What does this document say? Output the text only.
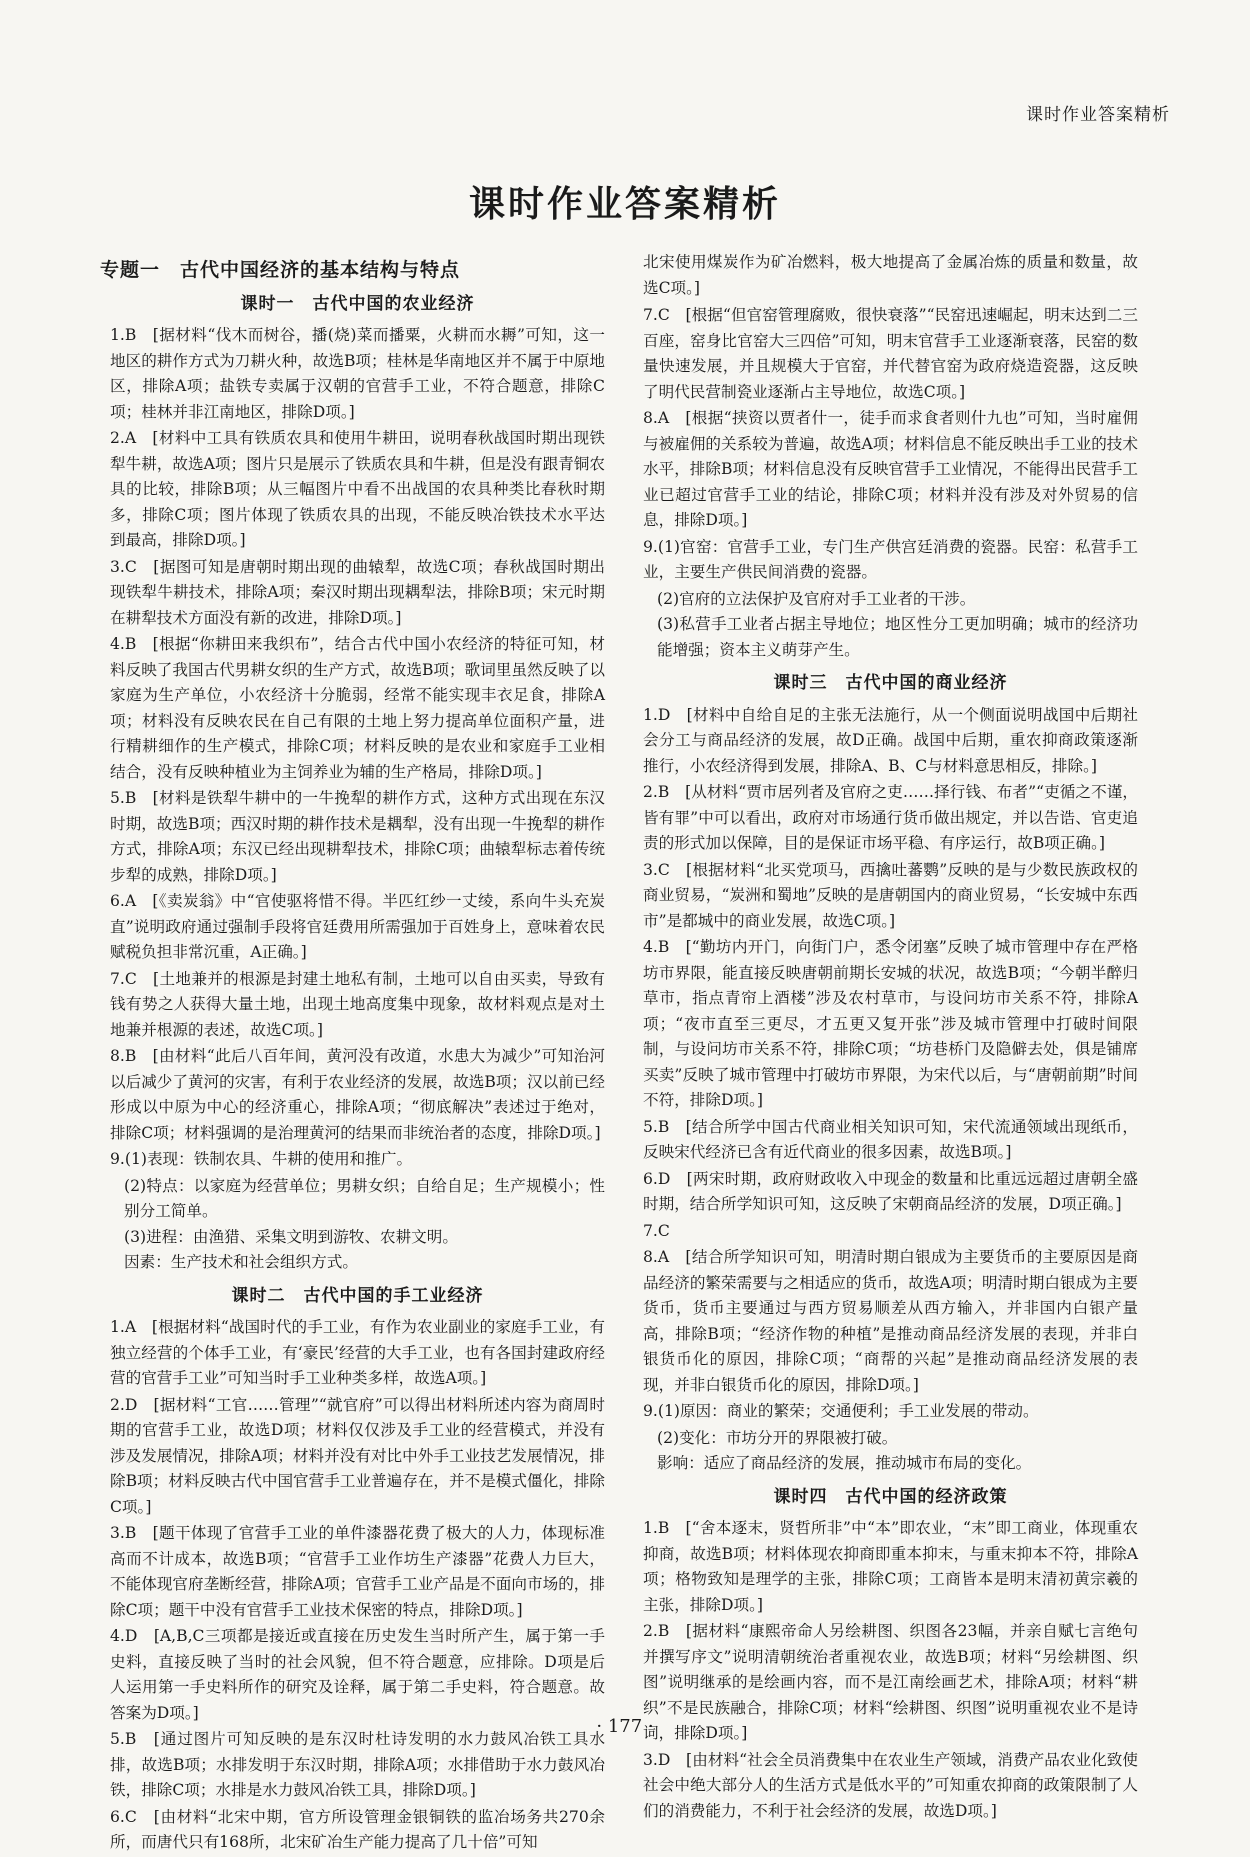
课时作业答案精析
课时作业答案精析
专题一　古代中国经济的基本结构与特点
课时一　古代中国的农业经济

1.B　[据材料“伐木而树谷，播(烧)菜而播粟，火耕而水耨”可知，这一地区的耕作方式为刀耕火种，故选B项；桂林是华南地区并不属于中原地区，排除A项；盐铁专卖属于汉朝的官营手工业，不符合题意，排除C项；桂林并非江南地区，排除D项。]

2.A　[材料中工具有铁质农具和使用牛耕田，说明春秋战国时期出现铁犁牛耕，故选A项；图片只是展示了铁质农具和牛耕，但是没有跟青铜农具的比较，排除B项；从三幅图片中看不出战国的农具种类比春秋时期多，排除C项；图片体现了铁质农具的出现，不能反映冶铁技术水平达到最高，排除D项。]

3.C　[据图可知是唐朝时期出现的曲辕犁，故选C项；春秋战国时期出现铁犁牛耕技术，排除A项；秦汉时期出现耦犁法，排除B项；宋元时期在耕犁技术方面没有新的改进，排除D项。]

4.B　[根据“你耕田来我织布”，结合古代中国小农经济的特征可知，材料反映了我国古代男耕女织的生产方式，故选B项；歌词里虽然反映了以家庭为生产单位，小农经济十分脆弱，经常不能实现丰衣足食，排除A项；材料没有反映农民在自己有限的土地上努力提高单位面积产量，进行精耕细作的生产模式，排除C项；材料反映的是农业和家庭手工业相结合，没有反映种植业为主饲养业为辅的生产格局，排除D项。]

5.B　[材料是铁犁牛耕中的一牛挽犁的耕作方式，这种方式出现在东汉时期，故选B项；西汉时期的耕作技术是耦犁，没有出现一牛挽犁的耕作方式，排除A项；东汉已经出现耕犁技术，排除C项；曲辕犁标志着传统步犁的成熟，排除D项。]

6.A　[《卖炭翁》中“官使驱将惜不得。半匹红纱一丈绫，系向牛头充炭直”说明政府通过强制手段将官廷费用所需强加于百姓身上，意味着农民赋税负担非常沉重，A正确。]

7.C　[土地兼并的根源是封建土地私有制，土地可以自由买卖，导致有钱有势之人获得大量土地，出现土地高度集中现象，故材料观点是对土地兼并根源的表述，故选C项。]

8.B　[由材料“此后八百年间，黄河没有改道，水患大为减少”可知治河以后减少了黄河的灾害，有利于农业经济的发展，故选B项；汉以前已经形成以中原为中心的经济重心，排除A项；“彻底解决”表述过于绝对，排除C项；材料强调的是治理黄河的结果而非统治者的态度，排除D项。]

9.(1)表现：铁制农具、牛耕的使用和推广。

(2)特点：以家庭为经营单位；男耕女织；自给自足；生产规模小；性别分工简单。

(3)进程：由渔猎、采集文明到游牧、农耕文明。

因素：生产技术和社会组织方式。

课时二　古代中国的手工业经济

1.A　[根据材料“战国时代的手工业，有作为农业副业的家庭手工业，有独立经营的个体手工业，有‘豪民’经营的大手工业，也有各国封建政府经营的官营手工业”可知当时手工业种类多样，故选A项。]

2.D　[据材料“工官……管理”“就官府”可以得出材料所述内容为商周时期的官营手工业，故选D项；材料仅仅涉及手工业的经营模式，并没有涉及发展情况，排除A项；材料并没有对比中外手工业技艺发展情况，排除B项；材料反映古代中国官营手工业普遍存在，并不是模式僵化，排除C项。]

3.B　[题干体现了官营手工业的单件漆器花费了极大的人力，体现标准高而不计成本，故选B项；“官营手工业作坊生产漆器”花费人力巨大，不能体现官府垄断经营，排除A项；官营手工业产品是不面向市场的，排除C项；题干中没有官营手工业技术保密的特点，排除D项。]

4.D　[A,B,C三项都是接近或直接在历史发生当时所产生，属于第一手史料，直接反映了当时的社会风貌，但不符合题意，应排除。D项是后人运用第一手史料所作的研究及诠释，属于第二手史料，符合题意。故答案为D项。]

5.B　[通过图片可知反映的是东汉时杜诗发明的水力鼓风冶铁工具水排，故选B项；水排发明于东汉时期，排除A项；水排借助于水力鼓风冶铁，排除C项；水排是水力鼓风冶铁工具，排除D项。]

6.C　[由材料“北宋中期，官方所设管理金银铜铁的监冶场务共270余所，而唐代只有168所，北宋矿冶生产能力提高了几十倍”可知

北宋使用煤炭作为矿冶燃料，极大地提高了金属冶炼的质量和数量，故选C项。]

7.C　[根据“但官窑管理腐败，很快衰落”“民窑迅速崛起，明末达到二三百座，窑身比官窑大三四倍”可知，明末官营手工业逐渐衰落，民窑的数量快速发展，并且规模大于官窑，并代替官窑为政府烧造瓷器，这反映了明代民营制瓷业逐渐占主导地位，故选C项。]

8.A　[根据“挟资以贾者什一，徒手而求食者则什九也”可知，当时雇佣与被雇佣的关系较为普遍，故选A项；材料信息不能反映出手工业的技术水平，排除B项；材料信息没有反映官营手工业情况，不能得出民营手工业已超过官营手工业的结论，排除C项；材料并没有涉及对外贸易的信息，排除D项。]

9.(1)官窑：官营手工业，专门生产供宫廷消费的瓷器。民窑：私营手工业，主要生产供民间消费的瓷器。

(2)官府的立法保护及官府对手工业者的干涉。

(3)私营手工业者占据主导地位；地区性分工更加明确；城市的经济功能增强；资本主义萌芽产生。

课时三　古代中国的商业经济

1.D　[材料中自给自足的主张无法施行，从一个侧面说明战国中后期社会分工与商品经济的发展，故D正确。战国中后期，重农抑商政策逐渐推行，小农经济得到发展，排除A、B、C与材料意思相反，排除。]

2.B　[从材料“贾市居列者及官府之吏……择行钱、布者”“吏循之不谨，皆有罪”中可以看出，政府对市场通行货币做出规定，并以告诰、官吏追责的形式加以保障，目的是保证市场平稳、有序运行，故B项正确。]

3.C　[根据材料“北买党项马，西擒吐蕃鹦”反映的是与少数民族政权的商业贸易，“炭洲和蜀地”反映的是唐朝国内的商业贸易，“长安城中东西市”是都城中的商业发展，故选C项。]

4.B　[“勤坊内开门，向街门户，悉令闭塞”反映了城市管理中存在严格坊市界限，能直接反映唐朝前期长安城的状况，故选B项；“今朝半醉归草市，指点青帘上酒楼”涉及农村草市，与设问坊市关系不符，排除A项；“夜市直至三更尽，才五更又复开张”涉及城市管理中打破时间限制，与设问坊市关系不符，排除C项；“坊巷桥门及隐僻去处，俱是铺席买卖”反映了城市管理中打破坊市界限，为宋代以后，与“唐朝前期”时间不符，排除D项。]

5.B　[结合所学中国古代商业相关知识可知，宋代流通领域出现纸币，反映宋代经济已含有近代商业的很多因素，故选B项。]

6.D　[两宋时期，政府财政收入中现金的数量和比重远远超过唐朝全盛时期，结合所学知识可知，这反映了宋朝商品经济的发展，D项正确。]

7.C

8.A　[结合所学知识可知，明清时期白银成为主要货币的主要原因是商品经济的繁荣需要与之相适应的货币，故选A项；明清时期白银成为主要货币，货币主要通过与西方贸易顺差从西方输入，并非国内白银产量高，排除B项；“经济作物的种植”是推动商品经济发展的表现，并非白银货币化的原因，排除C项；“商帮的兴起”是推动商品经济发展的表现，并非白银货币化的原因，排除D项。]

9.(1)原因：商业的繁荣；交通便利；手工业发展的带动。

(2)变化：市坊分开的界限被打破。

影响：适应了商品经济的发展，推动城市布局的变化。

课时四　古代中国的经济政策

1.B　[“舍本逐末，贤哲所非”中“本”即农业，“末”即工商业，体现重农抑商，故选B项；材料体现农抑商即重本抑末，与重末抑本不符，排除A项；格物致知是理学的主张，排除C项；工商皆本是明末清初黄宗羲的主张，排除D项。]

2.B　[据材料“康熙帝命人另绘耕图、织图各23幅，并亲自赋七言绝句并撰写序文”说明清朝统治者重视农业，故选B项；材料“另绘耕图、织图”说明继承的是绘画内容，而不是江南绘画艺术，排除A项；材料“耕织”不是民族融合，排除C项；材料“绘耕图、织图”说明重视农业不是诗词，排除D项。]

3.D　[由材料“社会全员消费集中在农业生产领域，消费产品农业化致使社会中绝大部分人的生活方式是低水平的”可知重农抑商的政策限制了人们的消费能力，不利于社会经济的发展，故选D项。]

· 177 ·
